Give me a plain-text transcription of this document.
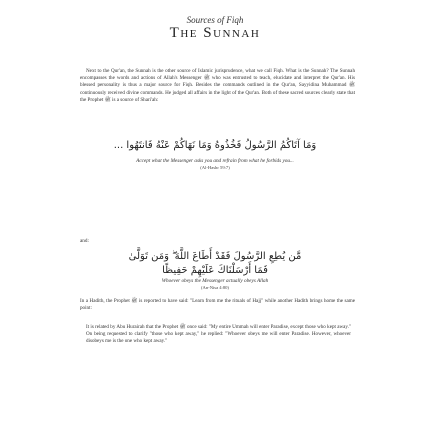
Sources of Fiqh
The Sunnah
Next to the Qur'an, the Sunnah is the other source of Islamic jurisprudence, what we call Fiqh. What is the Sunnah? The Sunnah encompasses the words and actions of Allah's Messenger ﷺ who was entrusted to teach, elucidate and interpret the Qur'an. His blessed personality is thus a major source for Fiqh. Besides the commands outlined in the Qur'an, Sayyidina Muhammad ﷺ continuously received divine commands. He judged all affairs in the light of the Qur'an. Both of these sacred sources clearly state that the Prophet ﷺ is a source of Shari'ah:
وَمَا آتَاكُمُ الرَّسُولُ فَخُذُوهُ وَمَا نَهَاكُمْ عَنْهُ فَانتَهُوا ...
Accept what the Messenger asks you and refrain from what he forbids you...
(Al-Hashr 59:7)
and:
مَّن يُطِعِ الرَّسُولَ فَقَدْ أَطَاعَ اللَّهَ ۖ وَمَن تَوَلَّىٰ
فَمَا أَرْسَلْنَاكَ عَلَيْهِمْ حَفِيظًا
Whoever obeys the Messenger actually obeys Allah
(An-Nisa 4:80)
In a Hadith, the Prophet ﷺ is reported to have said: "Learn from me the rituals of Hajj" while another Hadith brings home the same point:
It is related by Abu Hurairah that the Prophet ﷺ once said: "My entire Ummah will enter Paradise, except those who kept away." On being requested to clarify "those who kept away," he replied: "Whoever obeys me will enter Paradise. However, whoever disobeys me is the one who kept away."
